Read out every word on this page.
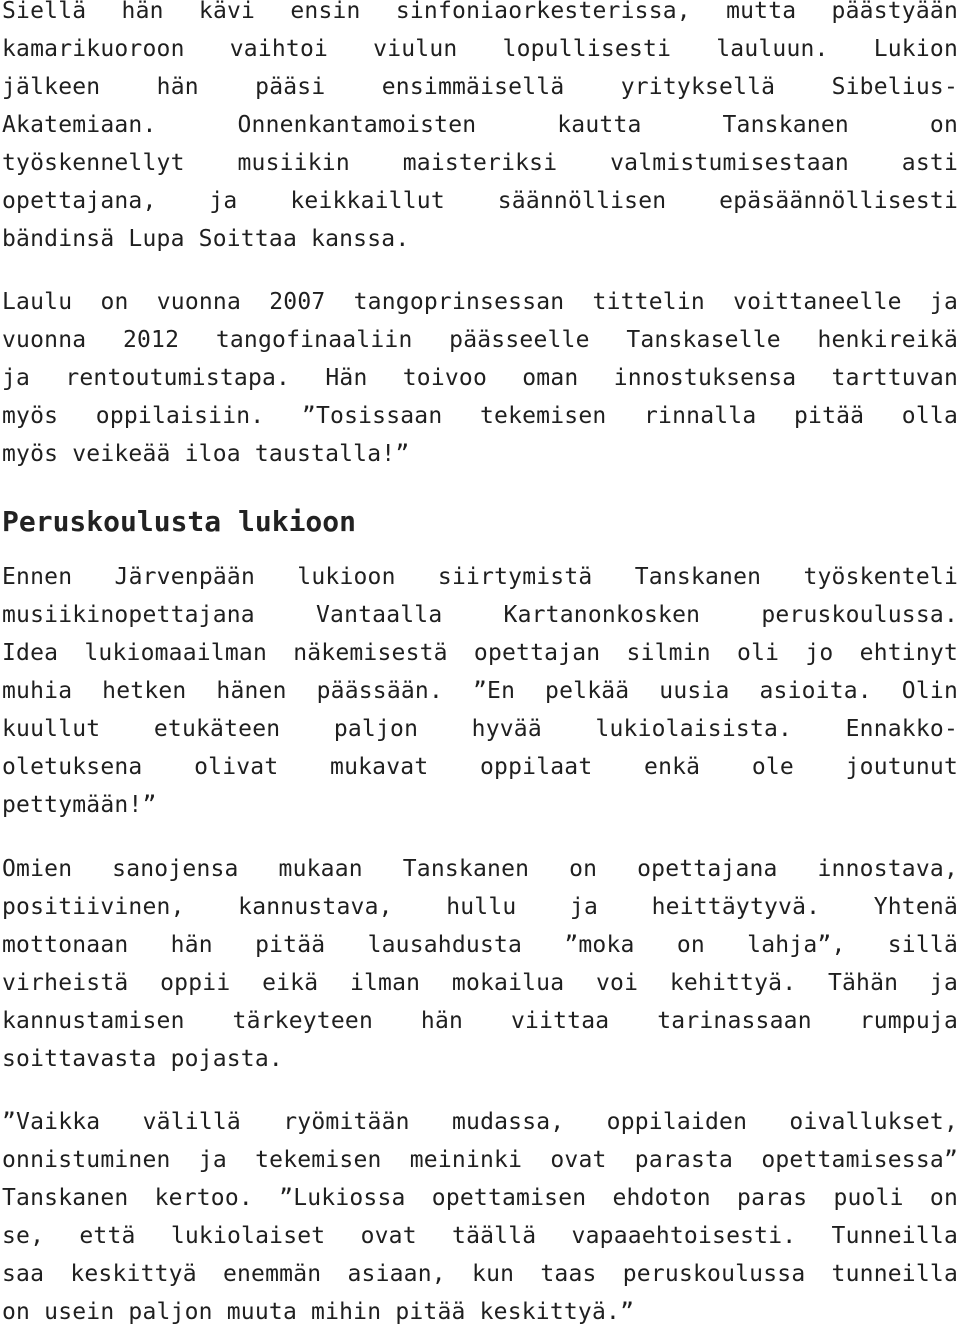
Siellä hän kävi ensin sinfoniaorkesterissa, mutta päästyään
kamarikuoroon vaihtoi viulun lopullisesti lauluun. Lukion
jälkeen hän pääsi ensimmäisellä yrityksellä Sibelius-
Akatemiaan. Onnenkantamoisten kautta Tanskanen on
työskennellyt musiikin maisteriksi valmistumisestaan asti
opettajana, ja keikkaillut säännöllisen epäsäännöllisesti
bändinsä Lupa Soittaa kanssa.
Laulu on vuonna 2007 tangoprinsessan tittelin voittaneelle ja
vuonna 2012 tangofinaaliin päässeelle Tanskaselle henkireikä
ja rentoutumistapa. Hän toivoo oman innostuksensa tarttuvan
myös oppilaisiin. ”Tosissaan tekemisen rinnalla pitää olla
myös veikeää iloa taustalla!”
Peruskoulusta lukioon
Ennen Järvenpään lukioon siirtymistä Tanskanen työskenteli
musiikinopettajana Vantaalla Kartanonkosken peruskoulussa.
Idea lukiomaailman näkemisestä opettajan silmin oli jo ehtinyt
muhia hetken hänen päässään. ”En pelkää uusia asioita. Olin
kuullut etukäteen paljon hyvää lukiolaisista. Ennakko-
oletuksena olivat mukavat oppilaat enkä ole joutunut
pettymään!”
Omien sanojensa mukaan Tanskanen on opettajana innostava,
positiivinen, kannustava, hullu ja heittäytyvä. Yhtenä
mottonaan hän pitää lausahdusta ”moka on lahja”, sillä
virheistä oppii eikä ilman mokailua voi kehittyä. Tähän ja
kannustamisen tärkeyteen hän viittaa tarinassaan rumpuja
soittavasta pojasta.
”Vaikka välillä ryömitään mudassa, oppilaiden oivallukset,
onnistuminen ja tekemisen meininki ovat parasta opettamisessa”
Tanskanen kertoo. ”Lukiossa opettamisen ehdoton paras puoli on
se, että lukiolaiset ovat täällä vapaaehtoisesti. Tunneilla
saa keskittyä enemmän asiaan, kun taas peruskoulussa tunneilla
on usein paljon muuta mihin pitää keskittyä.”
